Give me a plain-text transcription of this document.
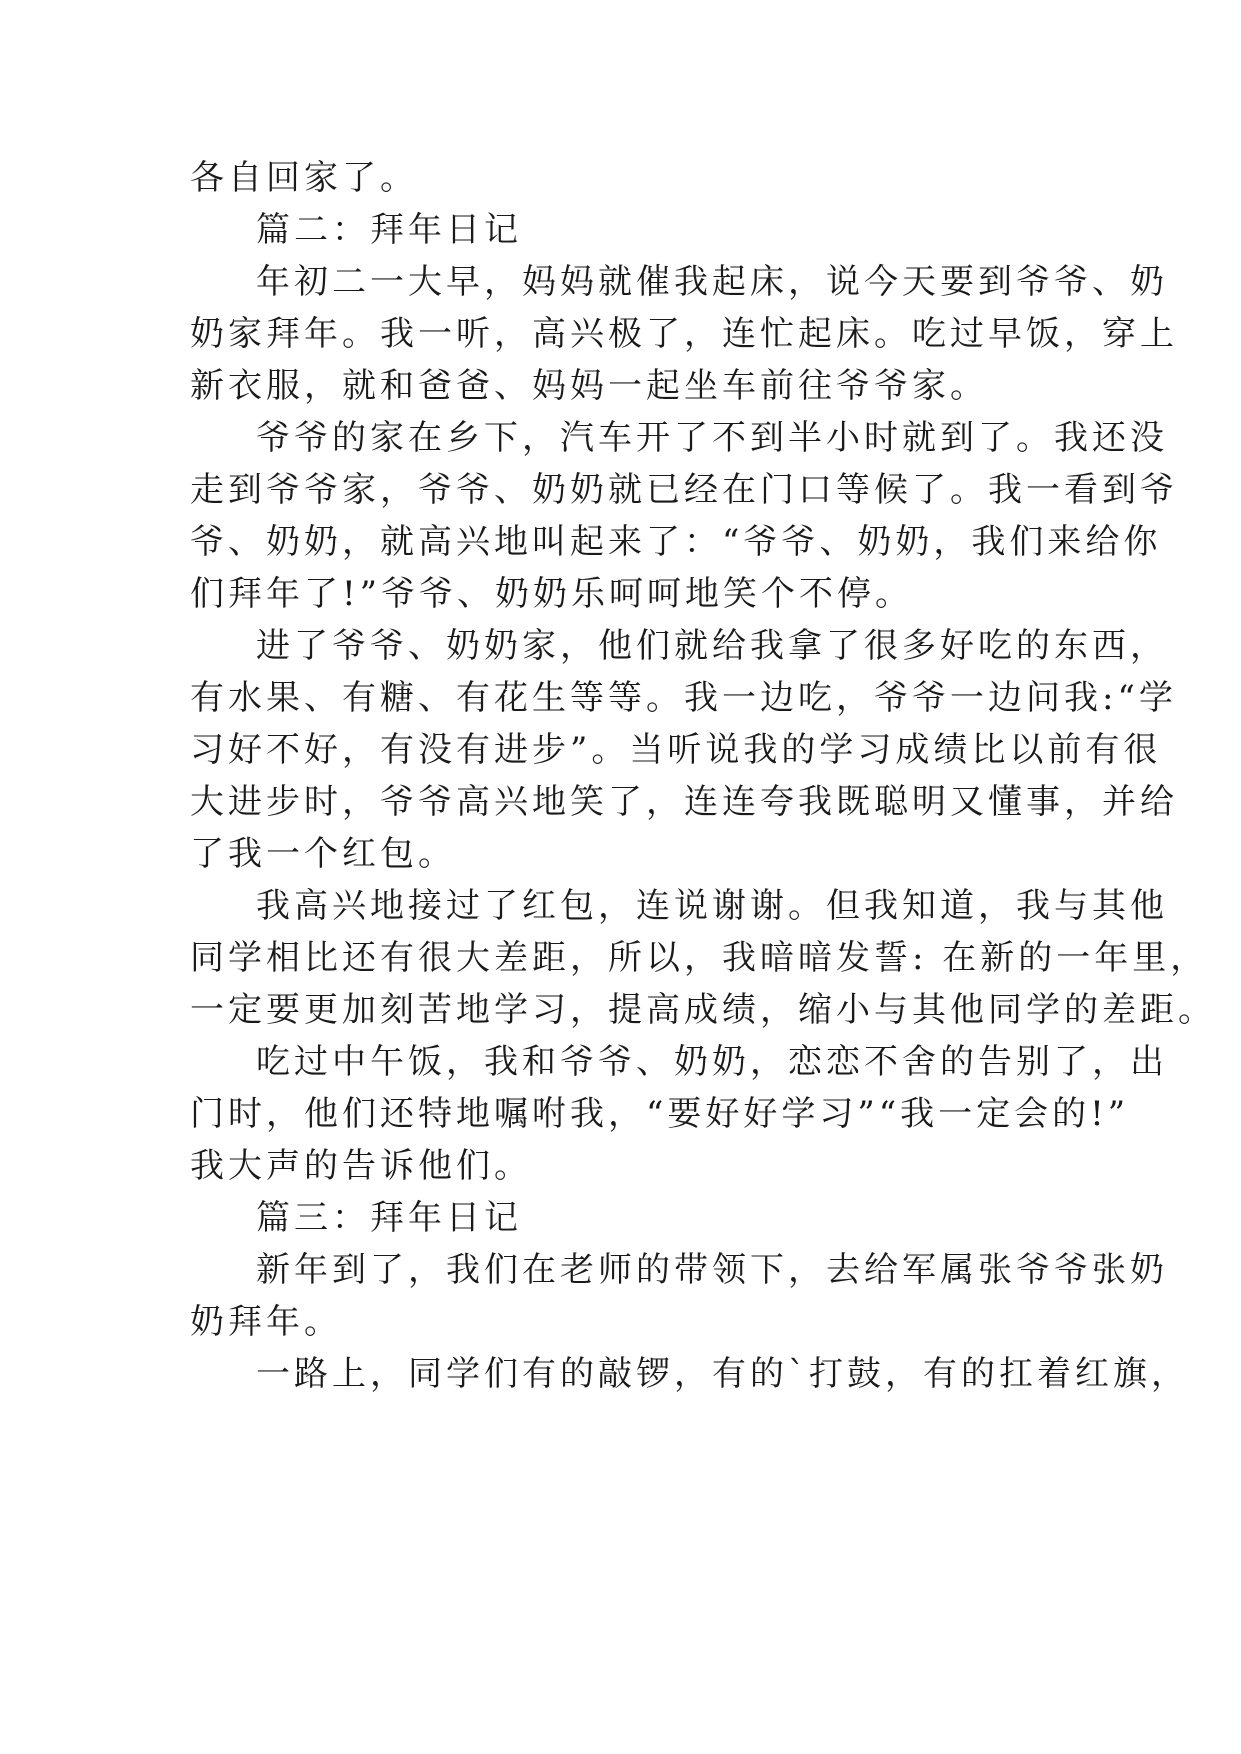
各自回家了。
篇二：拜年日记
年初二一大早，妈妈就催我起床，说今天要到爷爷、奶
奶家拜年。我一听，高兴极了，连忙起床。吃过早饭，穿上
新衣服，就和爸爸、妈妈一起坐车前往爷爷家。
爷爷的家在乡下，汽车开了不到半小时就到了。我还没
走到爷爷家，爷爷、奶奶就已经在门口等候了。我一看到爷
爷、奶奶，就高兴地叫起来了：“爷爷、奶奶，我们来给你
们拜年了!”爷爷、奶奶乐呵呵地笑个不停。
进了爷爷、奶奶家，他们就给我拿了很多好吃的东西，
有水果、有糖、有花生等等。我一边吃，爷爷一边问我:“学
习好不好，有没有进步”。当听说我的学习成绩比以前有很
大进步时，爷爷高兴地笑了，连连夸我既聪明又懂事，并给
了我一个红包。
我高兴地接过了红包，连说谢谢。但我知道，我与其他
同学相比还有很大差距，所以，我暗暗发誓: 在新的一年里，
一定要更加刻苦地学习，提高成绩，缩小与其他同学的差距。
吃过中午饭，我和爷爷、奶奶，恋恋不舍的告别了，出
门时，他们还特地嘱咐我，“要好好学习”“我一定会的!”
我大声的告诉他们。
篇三：拜年日记
新年到了，我们在老师的带领下，去给军属张爷爷张奶
奶拜年。
一路上，同学们有的敲锣，有的`打鼓，有的扛着红旗，
